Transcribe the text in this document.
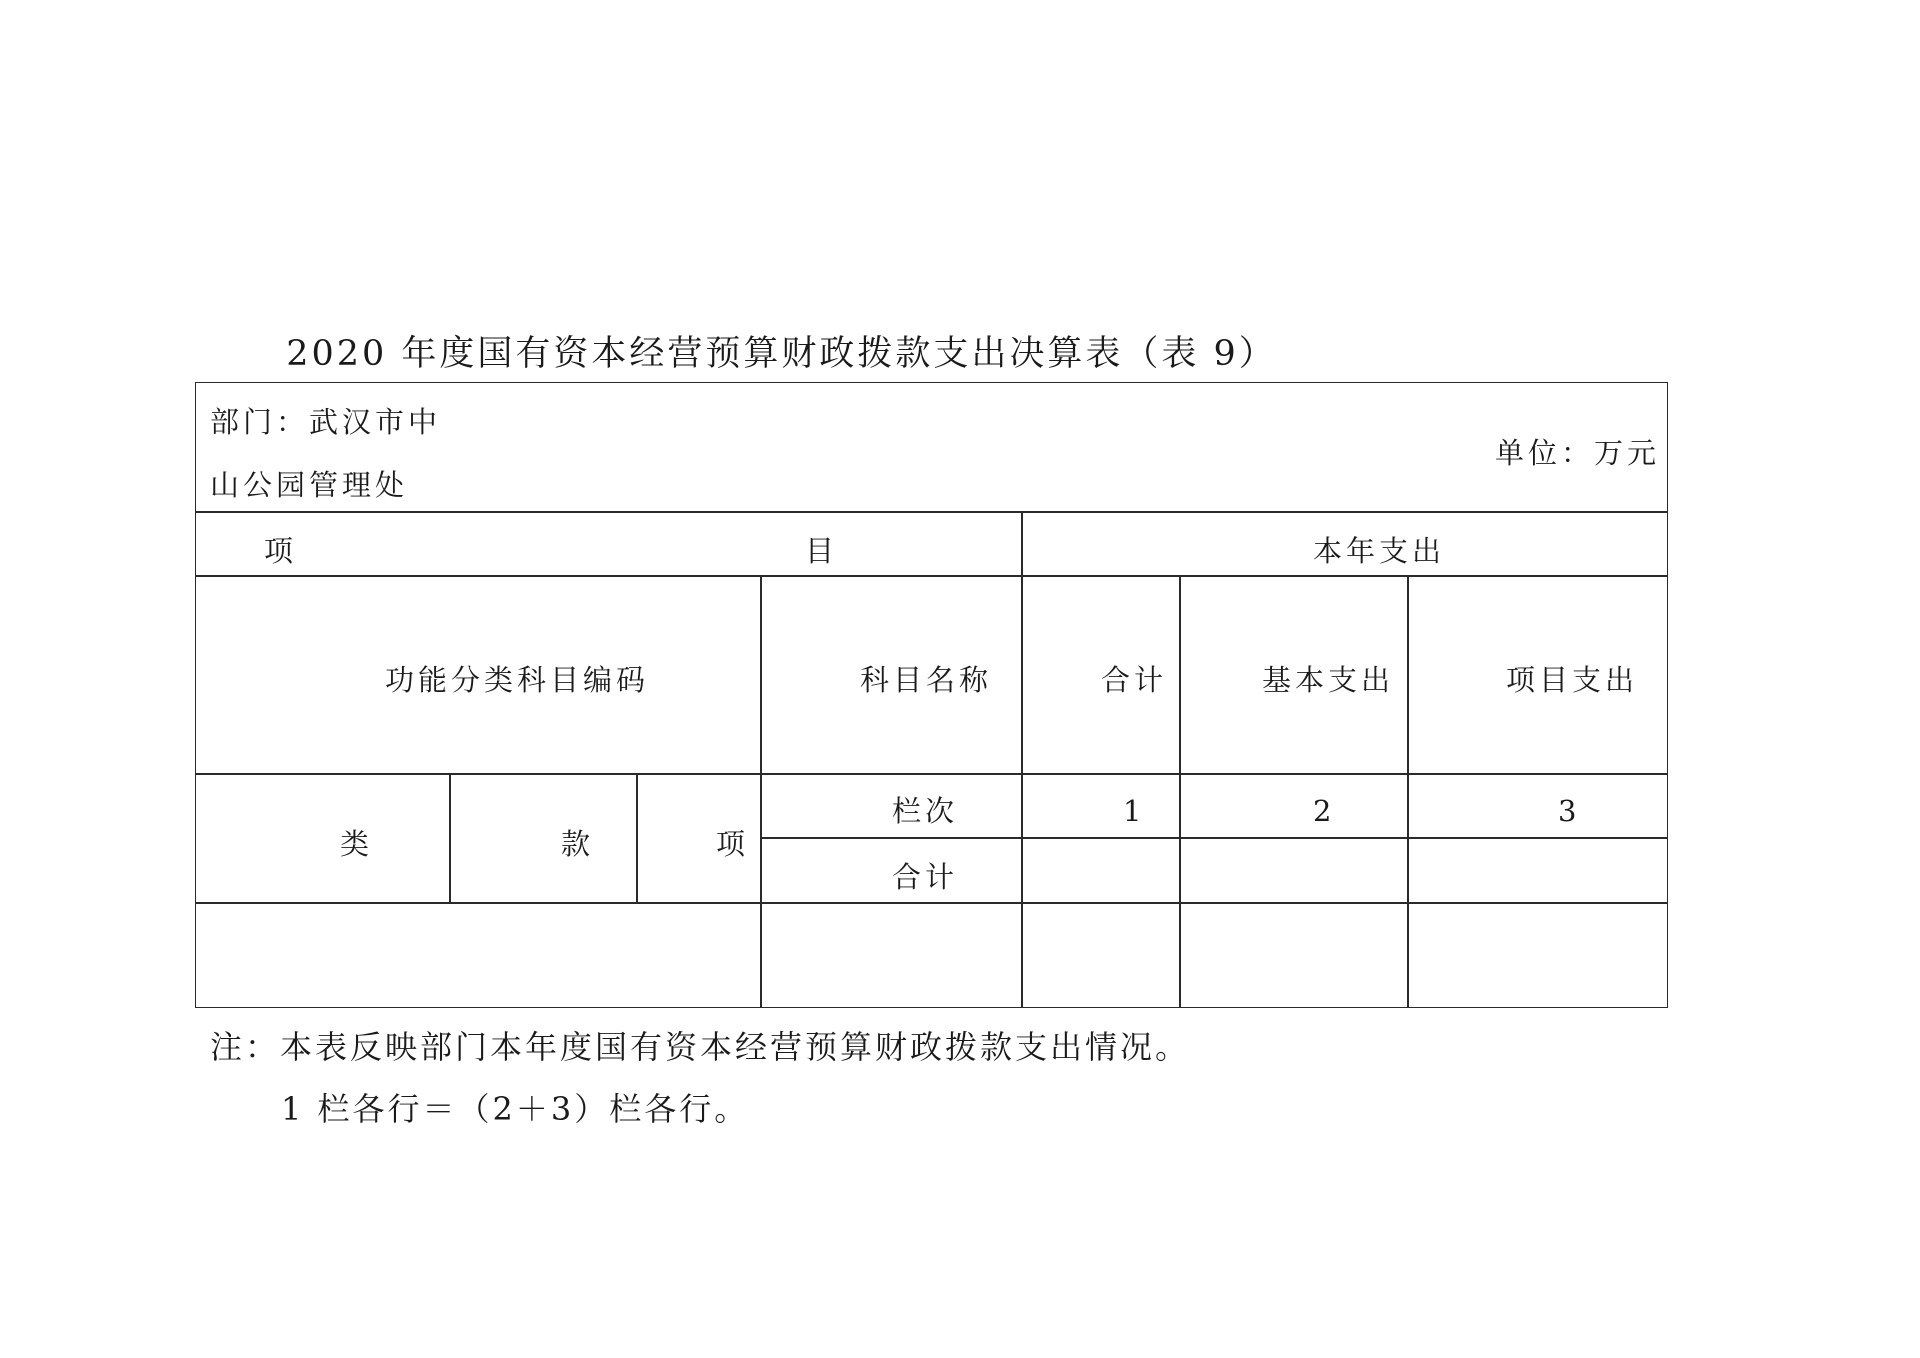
2020 年度国有资本经营预算财政拨款支出决算表（表 9）
部门：武汉市中
山公园管理处
单位：万元
项	目	本年支出
功能分类科目编码	科目名称	合计	基本支出	项目支出
类	款	项
栏次	1	2	3
合计
注：本表反映部门本年度国有资本经营预算财政拨款支出情况。
1 栏各行＝（2＋3）栏各行。
